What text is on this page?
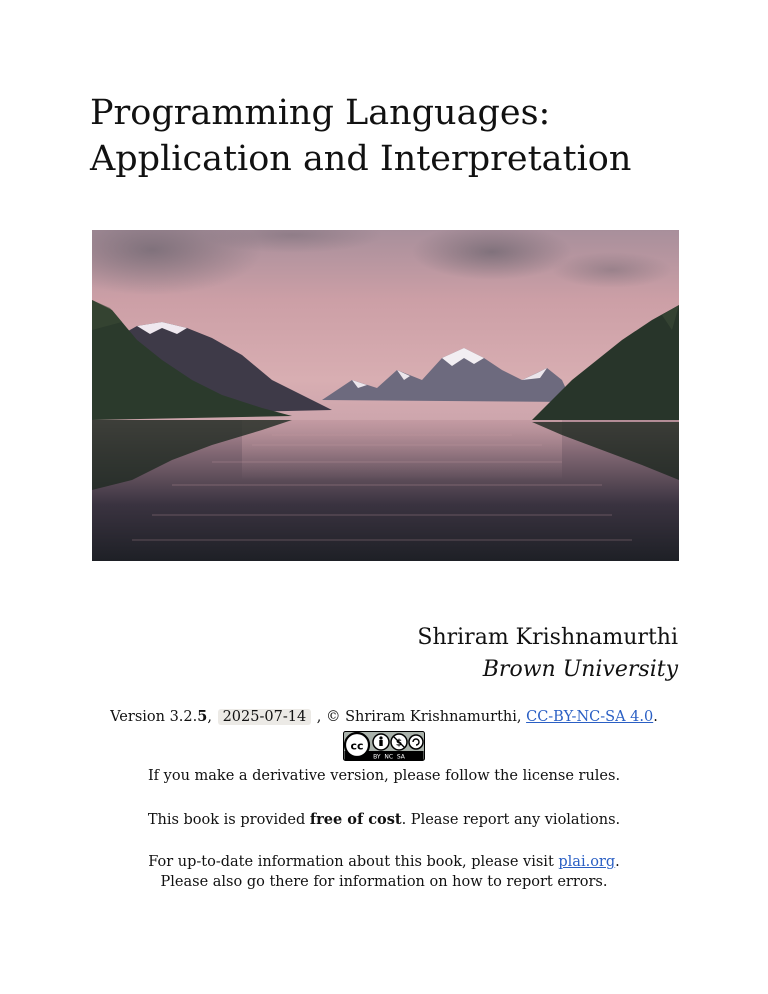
Programming Languages:
Application and Interpretation
Shriram Krishnamurthi
Brown University
Version 3.2.5, 2025-07-14 , © Shriram Krishnamurthi, CC-BY-NC-SA 4.0.
cc	$
BY  NC  SA
If you make a derivative version, please follow the license rules.
This book is provided free of cost. Please report any violations.
For up-to-date information about this book, please visit plai.org.
Please also go there for information on how to report errors.
